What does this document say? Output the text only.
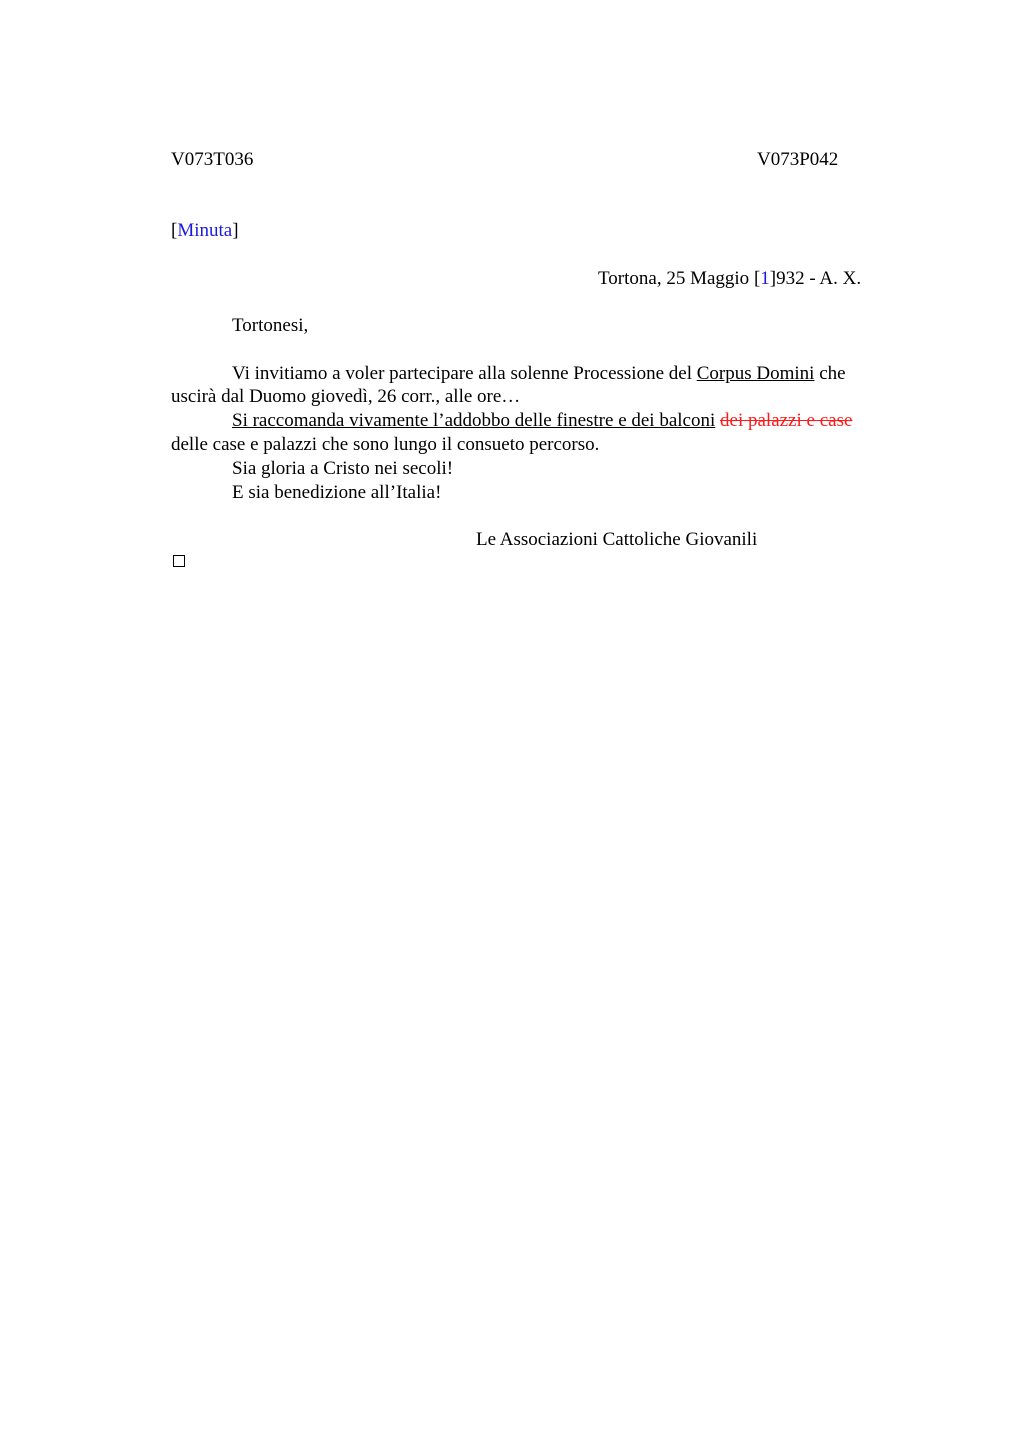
V073T036	V073P042
[Minuta]
Tortona, 25 Maggio [1]932 - A. X.
Tortonesi,
Vi invitiamo a voler partecipare alla solenne Processione del Corpus Domini che
uscirà dal Duomo giovedì, 26 corr., alle ore…
Si raccomanda vivamente l’addobbo delle finestre e dei balconi dei palazzi e case
delle case e palazzi che sono lungo il consueto percorso.
Sia gloria a Cristo nei secoli!
E sia benedizione all’Italia!
Le Associazioni Cattoliche Giovanili
